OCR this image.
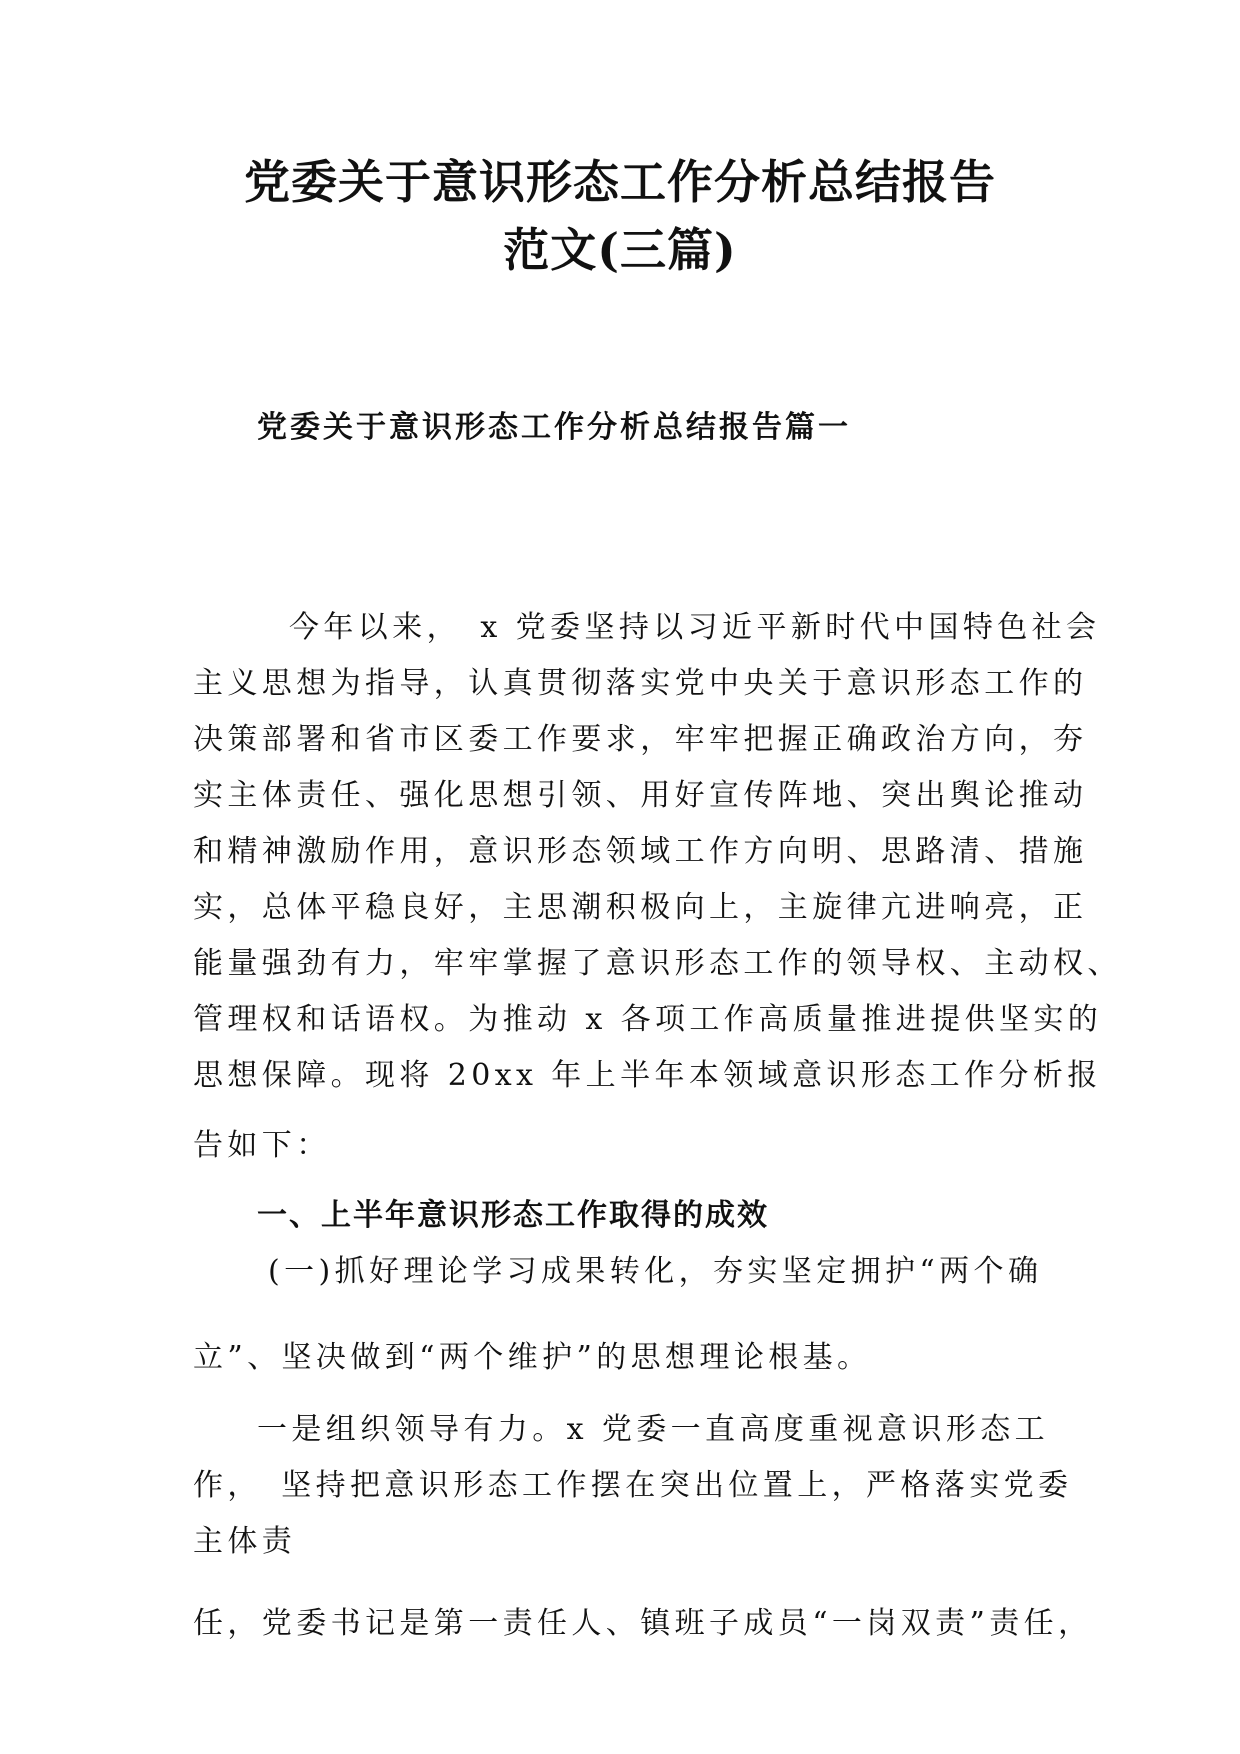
党委关于意识形态工作分析总结报告
范文(三篇)
党委关于意识形态工作分析总结报告篇一
今年以来，　x 党委坚持以习近平新时代中国特色社会
主义思想为指导，认真贯彻落实党中央关于意识形态工作的
决策部署和省市区委工作要求，牢牢把握正确政治方向，夯
实主体责任、强化思想引领、用好宣传阵地、突出舆论推动
和精神激励作用，意识形态领域工作方向明、思路清、措施
实，总体平稳良好，主思潮积极向上，主旋律亢进响亮，正
能量强劲有力，牢牢掌握了意识形态工作的领导权、主动权、
管理权和话语权。为推动 x 各项工作高质量推进提供坚实的
思想保障。现将 20xx 年上半年本领域意识形态工作分析报
告如下：
一、上半年意识形态工作取得的成效
(一)抓好理论学习成果转化，夯实坚定拥护“两个确
立”、坚决做到“两个维护”的思想理论根基。
一是组织领导有力。x 党委一直高度重视意识形态工
作，　坚持把意识形态工作摆在突出位置上，严格落实党委
主体责
任，党委书记是第一责任人、镇班子成员“一岗双责”责任，
